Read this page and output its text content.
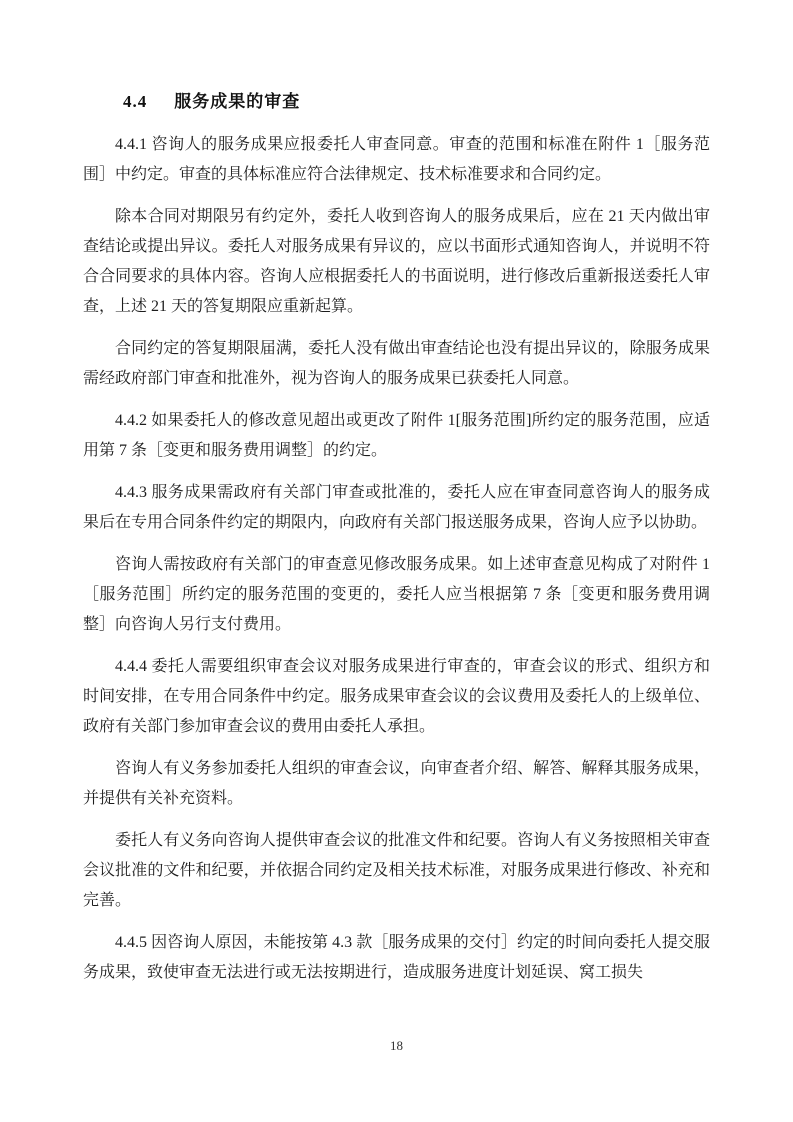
4.4 服务成果的审查

4.4.1 咨询人的服务成果应报委托人审查同意。审查的范围和标准在附件 1［服务范围］中约定。审查的具体标准应符合法律规定、技术标准要求和合同约定。

除本合同对期限另有约定外，委托人收到咨询人的服务成果后，应在 21 天内做出审查结论或提出异议。委托人对服务成果有异议的，应以书面形式通知咨询人，并说明不符合合同要求的具体内容。咨询人应根据委托人的书面说明，进行修改后重新报送委托人审查，上述 21 天的答复期限应重新起算。

合同约定的答复期限届满，委托人没有做出审查结论也没有提出异议的，除服务成果需经政府部门审查和批准外，视为咨询人的服务成果已获委托人同意。

4.4.2 如果委托人的修改意见超出或更改了附件 1[服务范围]所约定的服务范围，应适用第 7 条［变更和服务费用调整］的约定。

4.4.3 服务成果需政府有关部门审查或批准的，委托人应在审查同意咨询人的服务成果后在专用合同条件约定的期限内，向政府有关部门报送服务成果，咨询人应予以协助。

咨询人需按政府有关部门的审查意见修改服务成果。如上述审查意见构成了对附件 1［服务范围］所约定的服务范围的变更的，委托人应当根据第 7 条［变更和服务费用调整］向咨询人另行支付费用。

4.4.4 委托人需要组织审查会议对服务成果进行审查的，审查会议的形式、组织方和时间安排，在专用合同条件中约定。服务成果审查会议的会议费用及委托人的上级单位、政府有关部门参加审查会议的费用由委托人承担。

咨询人有义务参加委托人组织的审查会议，向审查者介绍、解答、解释其服务成果，并提供有关补充资料。

委托人有义务向咨询人提供审查会议的批准文件和纪要。咨询人有义务按照相关审查会议批准的文件和纪要，并依据合同约定及相关技术标准，对服务成果进行修改、补充和完善。

4.4.5 因咨询人原因，未能按第 4.3 款［服务成果的交付］约定的时间向委托人提交服务成果，致使审查无法进行或无法按期进行，造成服务进度计划延误、窝工损失

18
